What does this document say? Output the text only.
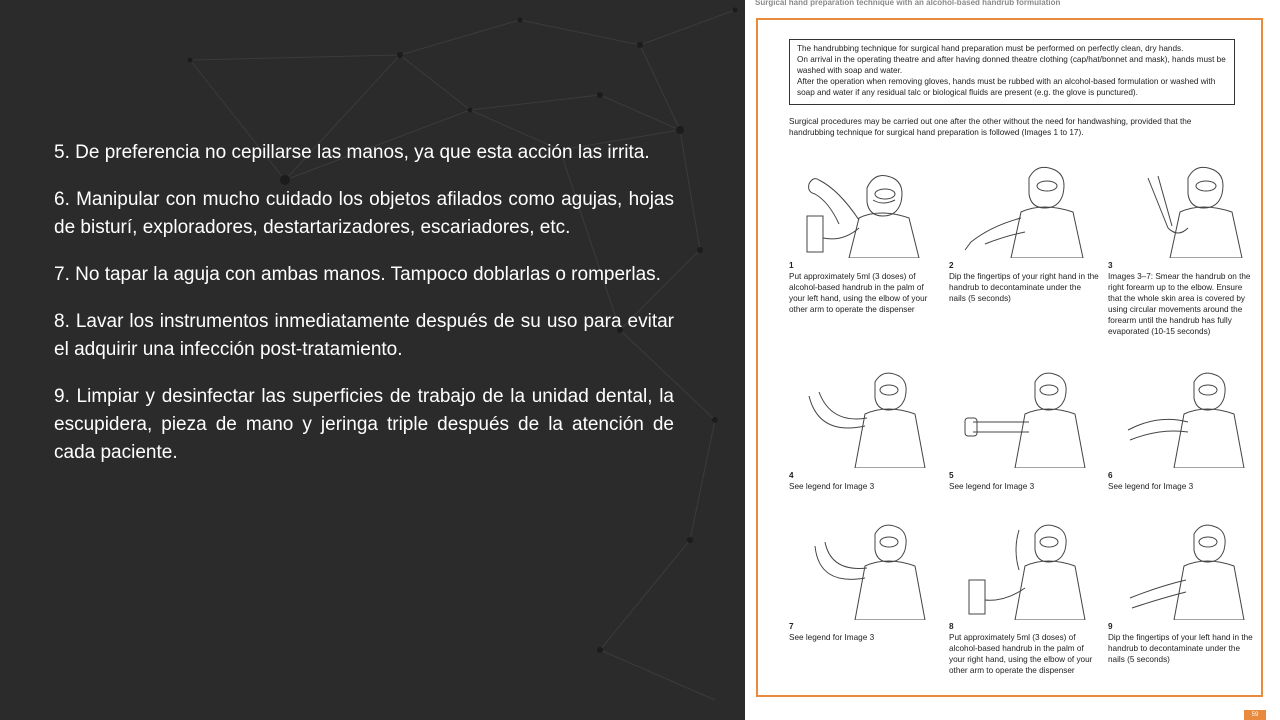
5. De preferencia no cepillarse las manos, ya que esta acción las irrita.

6. Manipular con mucho cuidado los objetos afilados como agujas, hojas de bisturí, exploradores, destartarizadores, escariadores, etc.

7. No tapar la aguja con ambas manos. Tampoco doblarlas o romperlas.

8. Lavar los instrumentos inmediatamente después de su uso para evitar el adquirir una infección post-tratamiento.

9. Limpiar y desinfectar las superficies de trabajo de la unidad dental, la escupidera, pieza de mano y jeringa triple después de la atención de cada paciente.

Surgical hand preparation technique with an alcohol-based handrub formulation
The handrubbing technique for surgical hand preparation must be performed on perfectly clean, dry hands.
On arrival in the operating theatre and after having donned theatre clothing (cap/hat/bonnet and mask), hands must be washed with soap and water.
After the operation when removing gloves, hands must be rubbed with an alcohol-based formulation or washed with soap and water if any residual talc or biological fluids are present (e.g. the glove is punctured).
Surgical procedures may be carried out one after the other without the need for handwashing, provided that the handrubbing technique for surgical hand preparation is followed (Images 1 to 17).
1
Put approximately 5ml (3 doses) of alcohol-based handrub in the palm of your left hand, using the elbow of your other arm to operate the dispenser
2
Dip the fingertips of your right hand in the handrub to decontaminate under the nails (5 seconds)
3
Images 3–7: Smear the handrub on the right forearm up to the elbow. Ensure that the whole skin area is covered by using circular movements around the forearm until the handrub has fully evaporated (10-15 seconds)
4
See legend for Image 3
5
See legend for Image 3
6
See legend for Image 3
7
See legend for Image 3
8
Put approximately 5ml (3 doses) of alcohol-based handrub in the palm of your right hand, using the elbow of your other arm to operate the dispenser
9
Dip the fingertips of your left hand in the handrub to decontaminate under the nails (5 seconds)
59
